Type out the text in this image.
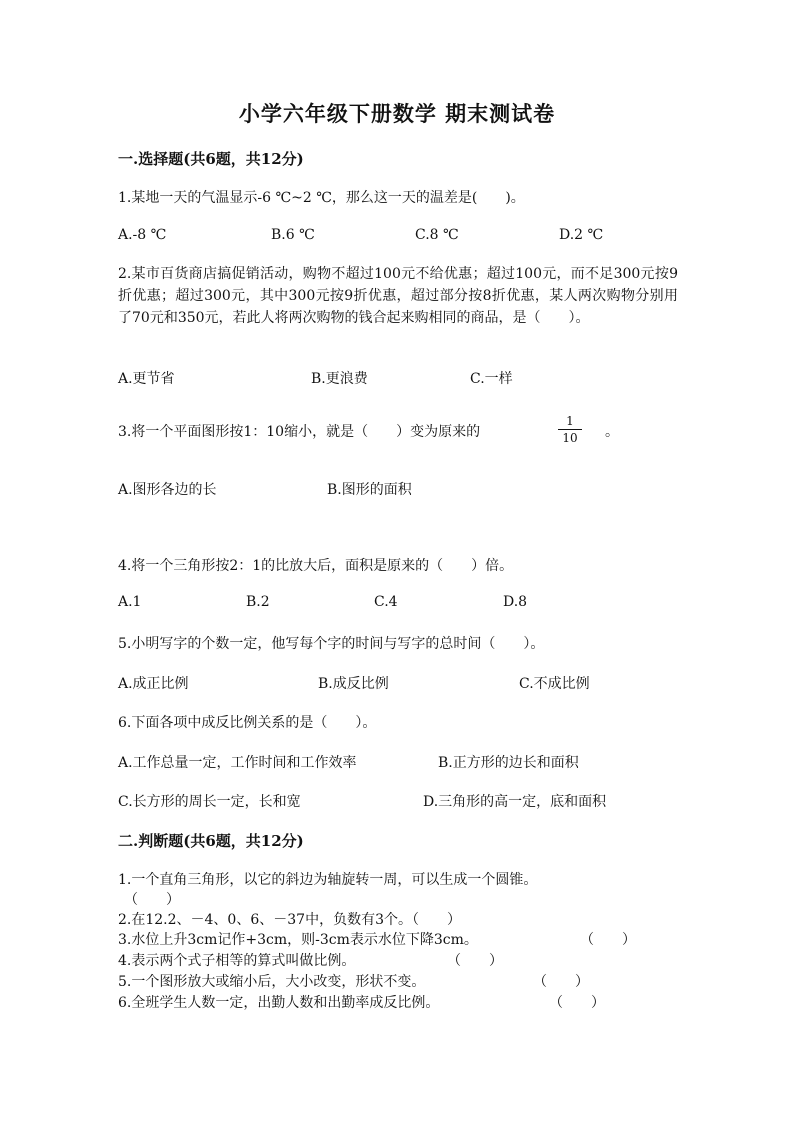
小学六年级下册数学 期末测试卷
一.选择题(共6题，共12分)
1.某地一天的气温显示-6 ℃~2 ℃，那么这一天的温差是(　　)。
A.-8 ℃	B.6 ℃	C.8 ℃	D.2 ℃
2.某市百货商店搞促销活动，购物不超过100元不给优惠；超过100元，而不足300元按9折优惠；超过300元，其中300元按9折优惠，超过部分按8折优惠，某人两次购物分别用了70元和350元，若此人将两次购物的钱合起来购相同的商品，是（　　）。
A.更节省	B.更浪费	C.一样
3.将一个平面图形按1：10缩小，就是（　　）变为原来的
1
10	。
A.图形各边的长	B.图形的面积
4.将一个三角形按2：1的比放大后，面积是原来的（　　）倍。
A.1	B.2	C.4	D.8
5.小明写字的个数一定，他写每个字的时间与写字的总时间（　　）。
A.成正比例	B.成反比例	C.不成比例
6.下面各项中成反比例关系的是（　　）。
A.工作总量一定，工作时间和工作效率	B.正方形的边长和面积
C.长方形的周长一定，长和宽	D.三角形的高一定，底和面积
二.判断题(共6题，共12分)
1.一个直角三角形，以它的斜边为轴旋转一周，可以生成一个圆锥。
（　　）
2.在12.2、－4、0、6、－37中，负数有3个。（　　）
3.水位上升3cm记作+3cm，则-3cm表示水位下降3cm。	（　　）
4.表示两个式子相等的算式叫做比例。	（　　）
5.一个图形放大或缩小后，大小改变，形状不变。	（　　）
6.全班学生人数一定，出勤人数和出勤率成反比例。	（　　）
